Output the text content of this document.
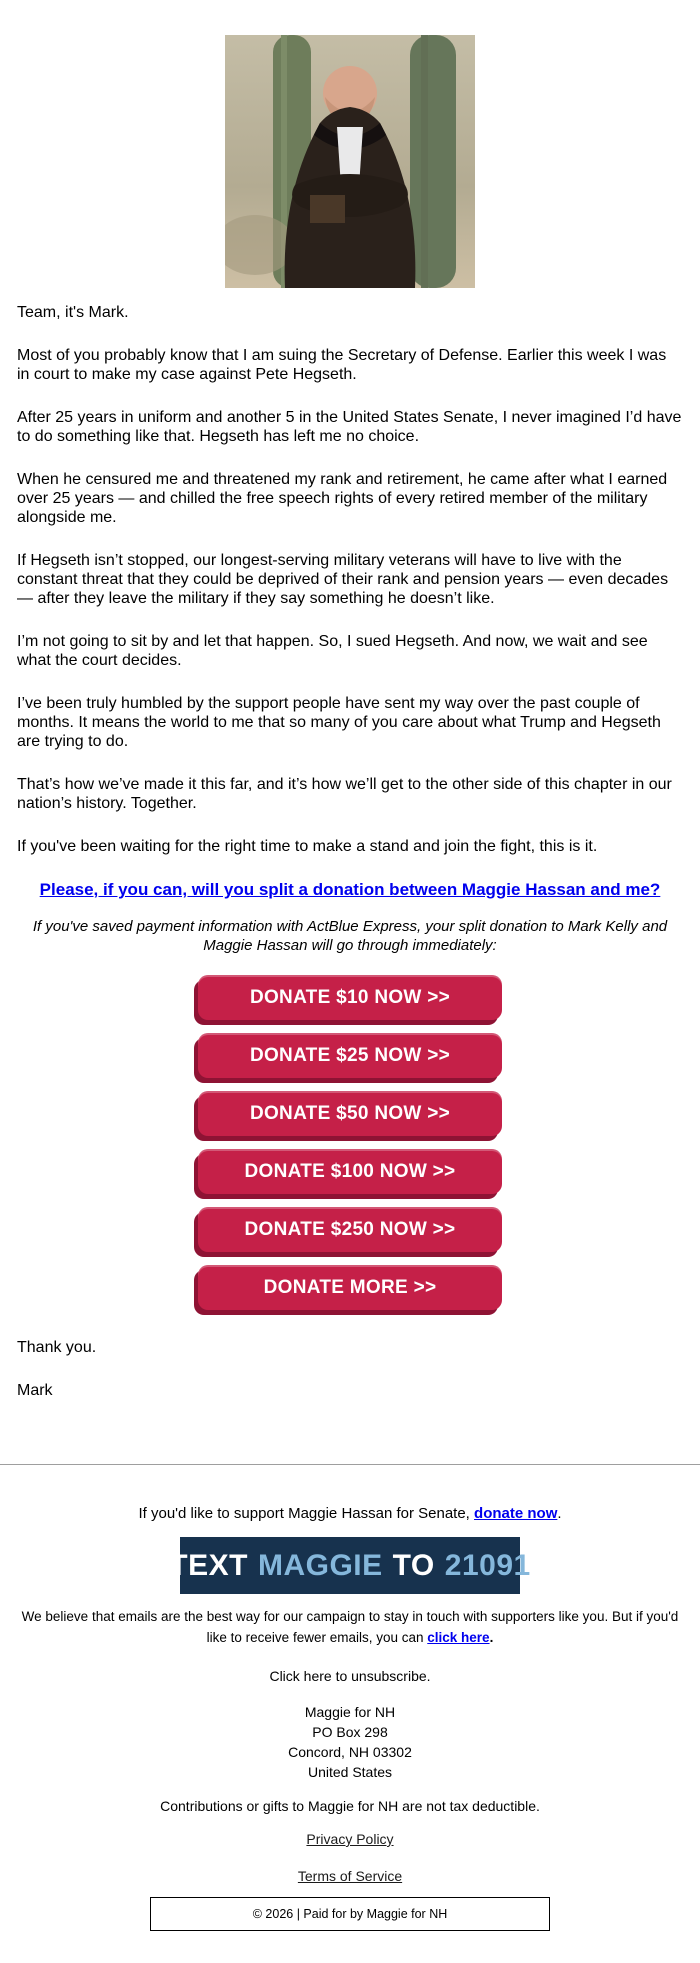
Team, it's Mark.

Most of you probably know that I am suing the Secretary of Defense. Earlier this week I was in court to make my case against Pete Hegseth.

After 25 years in uniform and another 5 in the United States Senate, I never imagined I’d have to do something like that. Hegseth has left me no choice.

When he censured me and threatened my rank and retirement, he came after what I earned over 25 years — and chilled the free speech rights of every retired member of the military alongside me.

If Hegseth isn’t stopped, our longest-serving military veterans will have to live with the constant threat that they could be deprived of their rank and pension years — even decades — after they leave the military if they say something he doesn’t like.

I’m not going to sit by and let that happen. So, I sued Hegseth. And now, we wait and see what the court decides.

I’ve been truly humbled by the support people have sent my way over the past couple of months. It means the world to me that so many of you care about what Trump and Hegseth are trying to do.

That’s how we’ve made it this far, and it’s how we’ll get to the other side of this chapter in our nation’s history. Together.

If you've been waiting for the right time to make a stand and join the fight, this is it.

Please, if you can, will you split a donation between Maggie Hassan and me?

If you've saved payment information with ActBlue Express, your split donation to Mark Kelly and Maggie Hassan will go through immediately:

DONATE $10 NOW >>
DONATE $25 NOW >>
DONATE $50 NOW >>
DONATE $100 NOW >>
DONATE $250 NOW >>
DONATE MORE >>

Thank you.

Mark

If you'd like to support Maggie Hassan for Senate, donate now.
TEXT MAGGIE TO 21091
We believe that emails are the best way for our campaign to stay in touch with supporters like you. But if you'd like to receive fewer emails, you can click here.
Click here to unsubscribe.
Maggie for NH
PO Box 298
Concord, NH 03302
United States
Contributions or gifts to Maggie for NH are not tax deductible.
Privacy Policy
Terms of Service
© 2026 | Paid for by Maggie for NH
